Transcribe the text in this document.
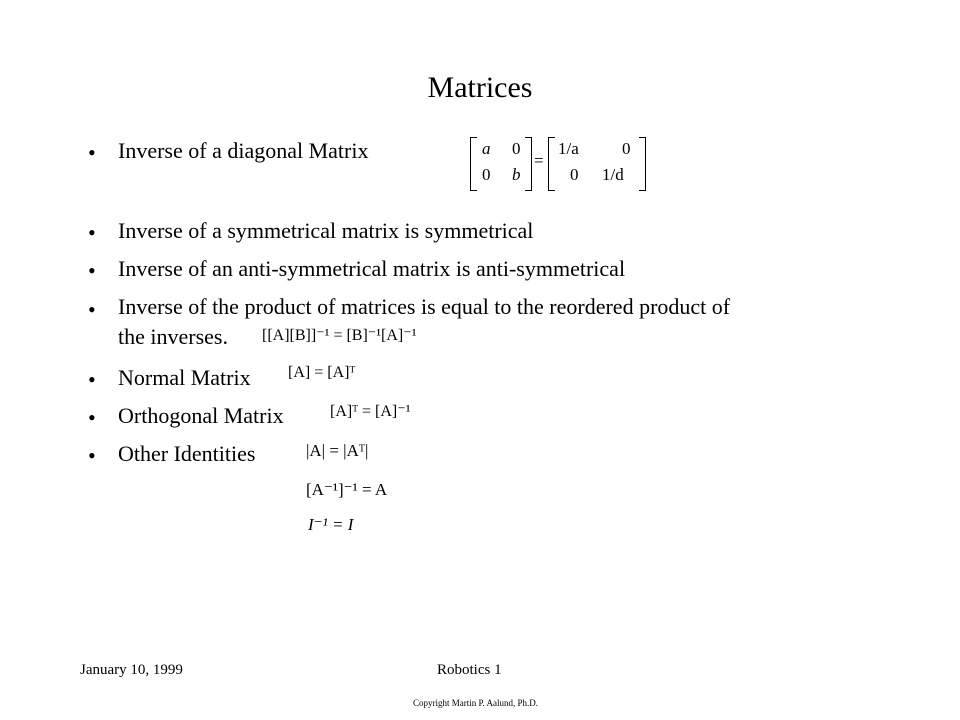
Matrices
• Inverse of a diagonal Matrix	a 0
0 b
=
1/a	0
0 1/d
• Inverse of a symmetrical matrix is symmetrical
• Inverse of an anti-symmetrical matrix is anti-symmetrical
• Inverse of the product of matrices is equal to the reordered product of
the inverses. [[A][B]]⁻¹ = [B]⁻¹[A]⁻¹
• Normal Matrix [A] = [A]ᵀ
• Orthogonal Matrix	[A]ᵀ = [A]⁻¹
• Other Identities	|A| = |Aᵀ|
[A⁻¹]⁻¹ = A
I⁻¹ = I
January 10, 1999	Robotics 1
Copyright Martin P. Aalund, Ph.D.
